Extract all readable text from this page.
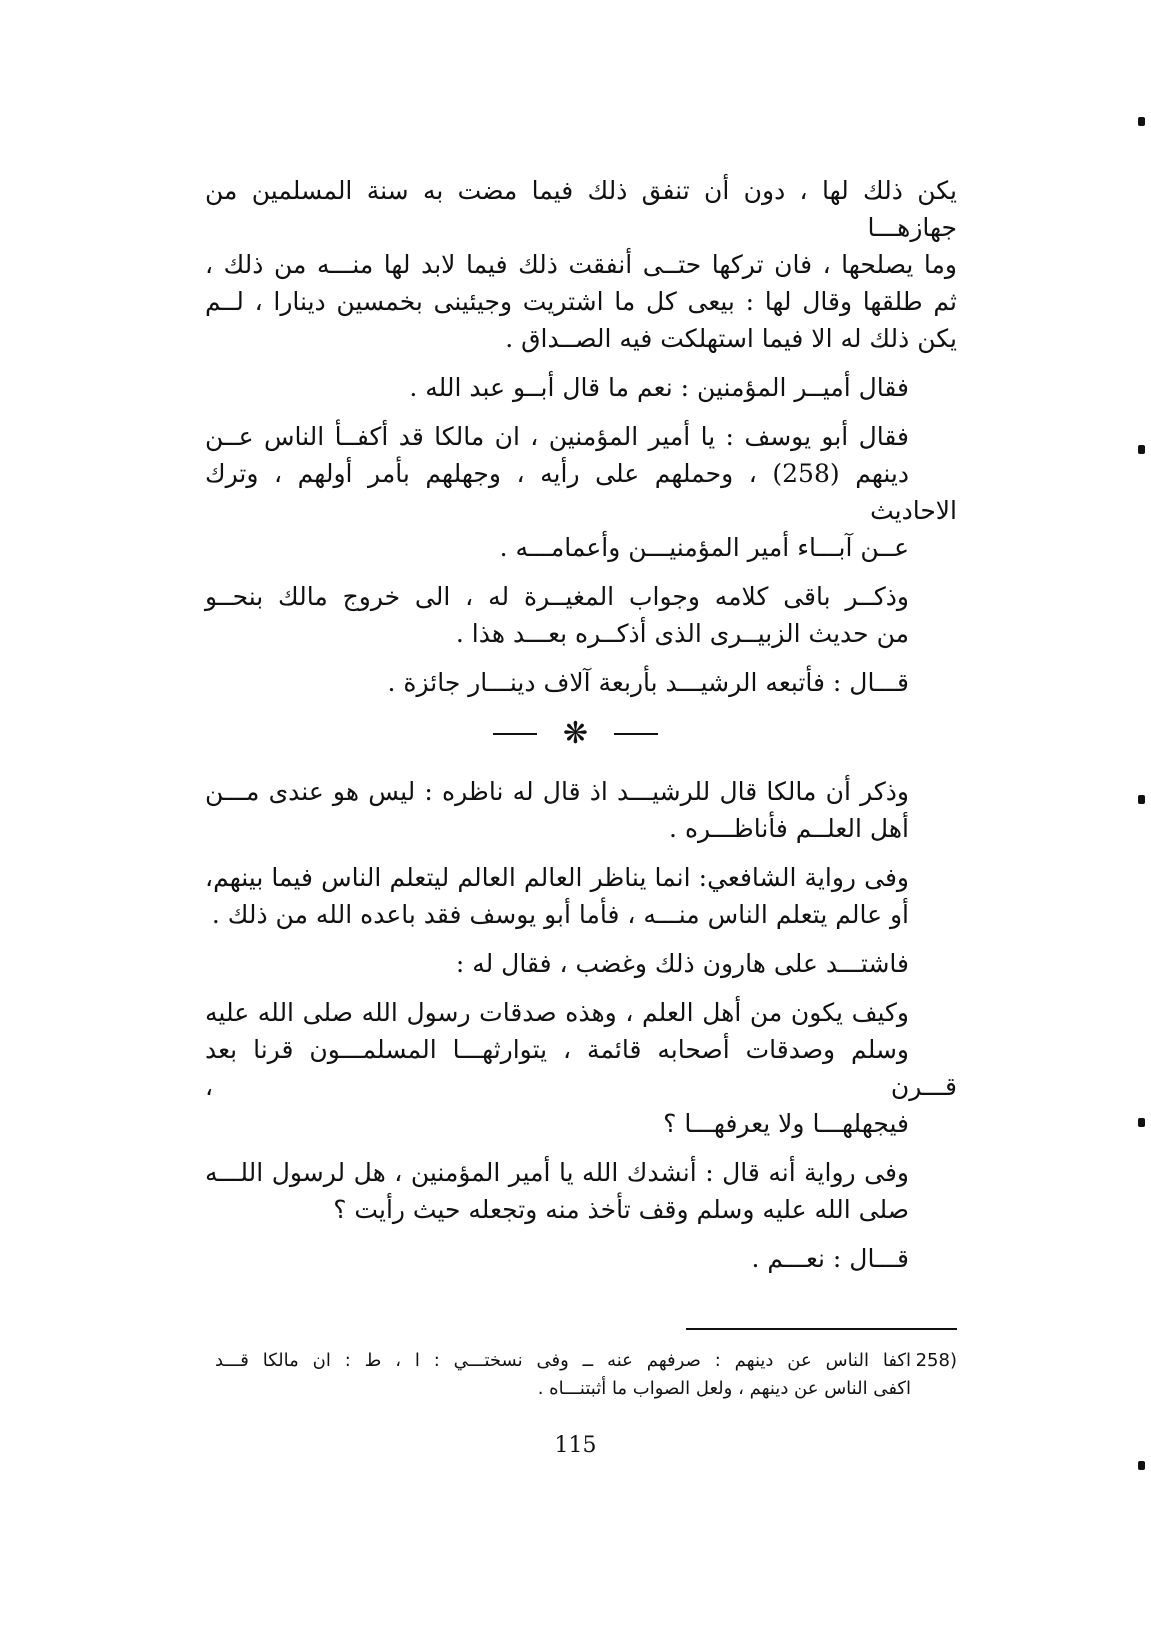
يكن ذلك لها ، دون أن تنفق ذلك فيما مضت به سنة المسلمين من جهازهـــا
وما يصلحها ، فان تركها حتــى أنفقت ذلك فيما لابد لها منـــه من ذلك ،
ثم طلقها وقال لها : بيعى كل ما اشتريت وجيئينى بخمسين دينارا ، لــم
يكن ذلك له الا فيما استهلكت فيه الصــداق .

فقال أميــر المؤمنين : نعم ما قال أبــو عبد الله .

فقال أبو يوسف : يا أمير المؤمنين ، ان مالكا قد أكفــأ الناس عــن
دينهم (258) ، وحملهم على رأيه ، وجهلهم بأمر أولهم ، وترك الاحاديث
عــن آبـــاء أمير المؤمنيـــن وأعمامـــه .

وذكــر باقى كلامه وجواب المغيــرة له ، الى خروج مالك بنحــو
من حديث الزبيــرى الذى أذكــره بعـــد هذا .

قـــال : فأتبعه الرشيـــد بأربعة آلاف دينـــار جائزة .

❋

وذكر أن مالكا قال للرشيـــد اذ قال له ناظره : ليس هو عندى مـــن
أهل العلــم فأناظـــره .

وفى رواية الشافعي: انما يناظر العالم العالم ليتعلم الناس فيما بينهم،
أو عالم يتعلم الناس منـــه ، فأما أبو يوسف فقد باعده الله من ذلك .

فاشتـــد على هارون ذلك وغضب ، فقال له :

وكيف يكون من أهل العلم ، وهذه صدقات رسول الله صلى الله عليه
وسلم وصدقات أصحابه قائمة ، يتوارثهـــا المسلمـــون قرنا بعد قـــرن ،
فيجهلهـــا ولا يعرفهـــا ؟

وفى رواية أنه قال : أنشدك الله يا أمير المؤمنين ، هل لرسول اللـــه
صلى الله عليه وسلم وقف تأخذ منه وتجعله حيث رأيت ؟

قـــال : نعـــم .

(258
اكفا الناس عن دينهم : صرفهم عنه ــ وفى نسختـــي : ا ، ط : ان مالكا قـــد
اكفى الناس عن دينهم ، ولعل الصواب ما أثبتنـــاه .
115
